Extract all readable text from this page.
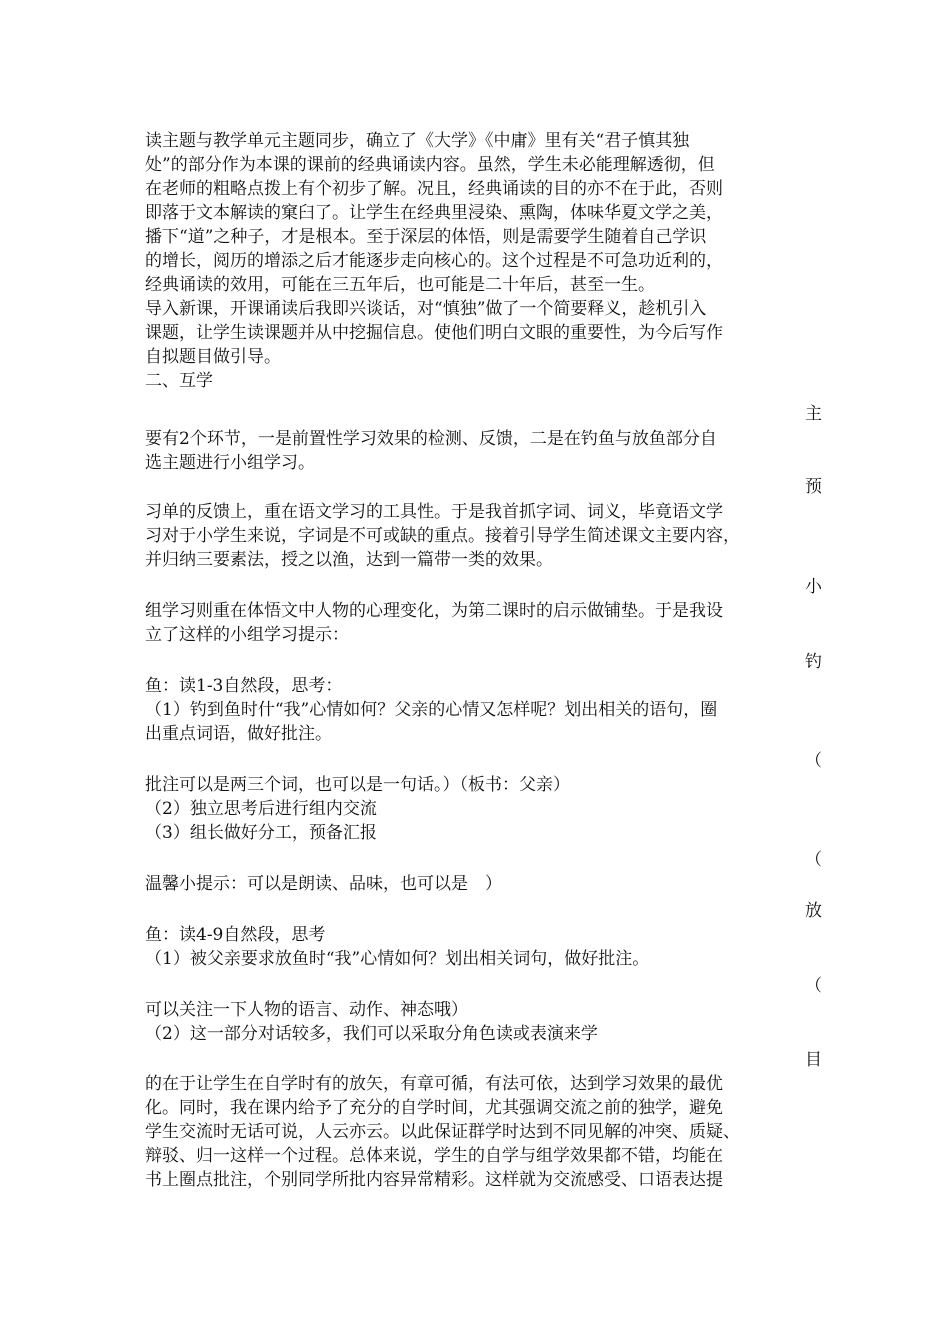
读主题与教学单元主题同步，确立了《大学》《中庸》里有关“君子慎其独

处”的部分作为本课的课前的经典诵读内容。虽然，学生未必能理解透彻，但

在老师的粗略点拨上有个初步了解。况且，经典诵读的目的亦不在于此，否则

即落于文本解读的窠臼了。让学生在经典里浸染、熏陶，体味华夏文学之美，

播下“道”之种子，才是根本。至于深层的体悟，则是需要学生随着自己学识

的增长，阅历的增添之后才能逐步走向核心的。这个过程是不可急功近利的，

经典诵读的效用，可能在三五年后，也可能是二十年后，甚至一生。

导入新课，开课诵读后我即兴谈话，对“慎独”做了一个简要释义，趁机引入

课题，让学生读课题并从中挖掘信息。使他们明白文眼的重要性，为今后写作

自拟题目做引导。

二、互学

主

要有2个环节，一是前置性学习效果的检测、反馈，二是在钓鱼与放鱼部分自

选主题进行小组学习。

预

习单的反馈上，重在语文学习的工具性。于是我首抓字词、词义，毕竟语文学

习对于小学生来说，字词是不可或缺的重点。接着引导学生简述课文主要内容，

并归纳三要素法，授之以渔，达到一篇带一类的效果。

小

组学习则重在体悟文中人物的心理变化，为第二课时的启示做铺垫。于是我设

立了这样的小组学习提示：

钓

鱼：读1-3自然段，思考：

（1）钓到鱼时什“我”心情如何？父亲的心情又怎样呢？划出相关的语句，圈

出重点词语，做好批注。

（

批注可以是两三个词，也可以是一句话。）（板书：父亲）

（2）独立思考后进行组内交流

（3）组长做好分工，预备汇报

（

温馨小提示：可以是朗读、品味，也可以是　）

放

鱼：读4-9自然段，思考

（1）被父亲要求放鱼时“我”心情如何？划出相关词句，做好批注。

（

可以关注一下人物的语言、动作、神态哦）

（2）这一部分对话较多，我们可以采取分角色读或表演来学

目

的在于让学生在自学时有的放矢，有章可循，有法可依，达到学习效果的最优

化。同时，我在课内给予了充分的自学时间，尤其强调交流之前的独学，避免

学生交流时无话可说，人云亦云。以此保证群学时达到不同见解的冲突、质疑、

辩驳、归一这样一个过程。总体来说，学生的自学与组学效果都不错，均能在

书上圈点批注，个别同学所批内容异常精彩。这样就为交流感受、口语表达提
